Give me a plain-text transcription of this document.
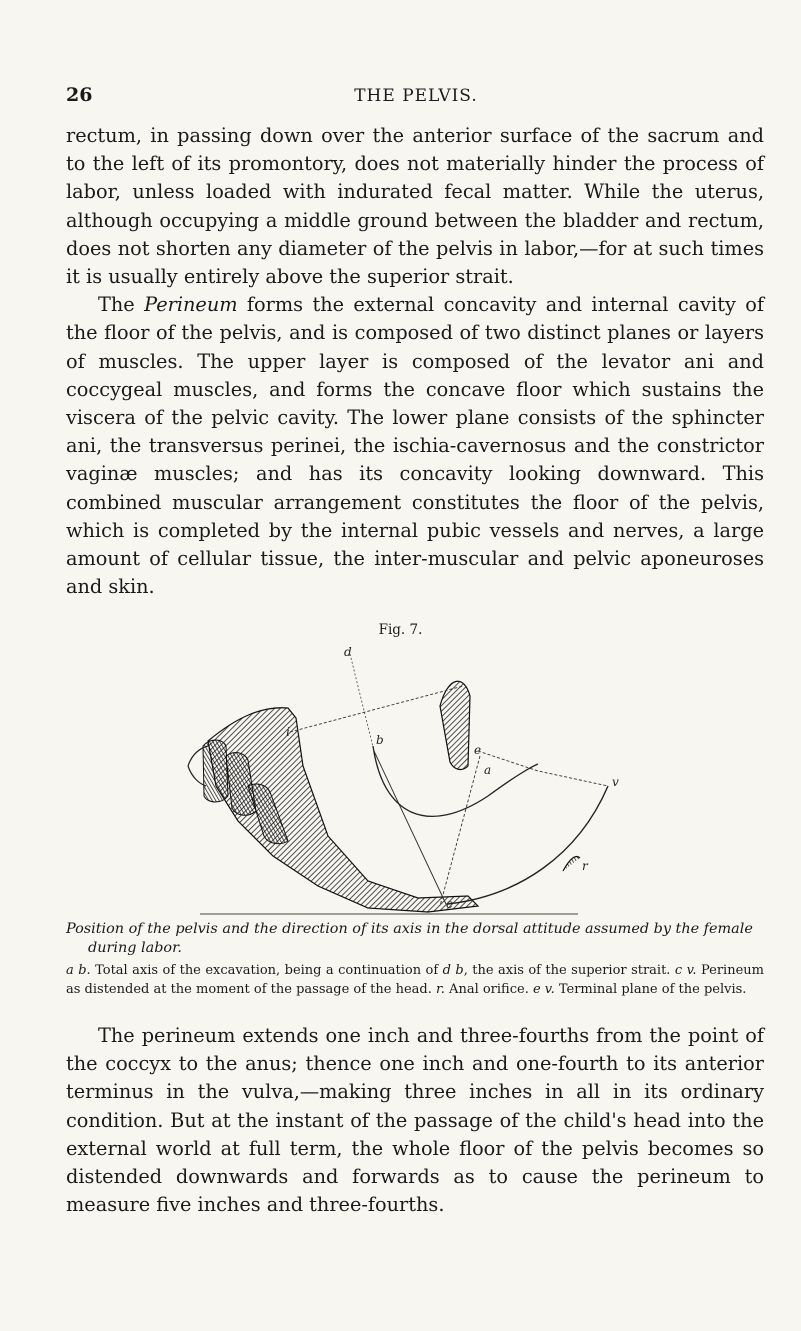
26	THE PELVIS.

rectum, in passing down over the anterior surface of the sacrum and to the left of its promontory, does not materially hinder the process of labor, unless loaded with indurated fecal matter. While the uterus, although occupying a middle ground between the bladder and rectum, does not shorten any diameter of the pelvis in labor,—for at such times it is usually entirely above the superior strait.

The Perineum forms the external concavity and internal cavity of the floor of the pelvis, and is composed of two distinct planes or layers of muscles. The upper layer is composed of the levator ani and coccygeal muscles, and forms the concave floor which sustains the viscera of the pelvic cavity. The lower plane consists of the sphincter ani, the transversus perinei, the ischia-cavernosus and the constrictor vaginæ muscles; and has its concavity looking downward. This combined muscular arrangement constitutes the floor of the pelvis, which is completed by the internal pubic vessels and nerves, a large amount of cellular tissue, the inter-muscular and pelvic aponeuroses and skin.

Fig. 7.
d
b
i
e
a
v
r
c
Position of the pelvis and the direction of its axis in the dorsal attitude assumed by the female
during labor.
a b. Total axis of the excavation, being a continuation of d b, the axis of the superior strait. c v. Perineum as distended at the moment of the passage of the head. r. Anal orifice. e v. Terminal plane of the pelvis.

The perineum extends one inch and three-fourths from the point of the coccyx to the anus; thence one inch and one-fourth to its anterior terminus in the vulva,—making three inches in all in its ordinary condition. But at the instant of the passage of the child's head into the external world at full term, the whole floor of the pelvis becomes so distended downwards and forwards as to cause the perineum to measure five inches and three-fourths.
